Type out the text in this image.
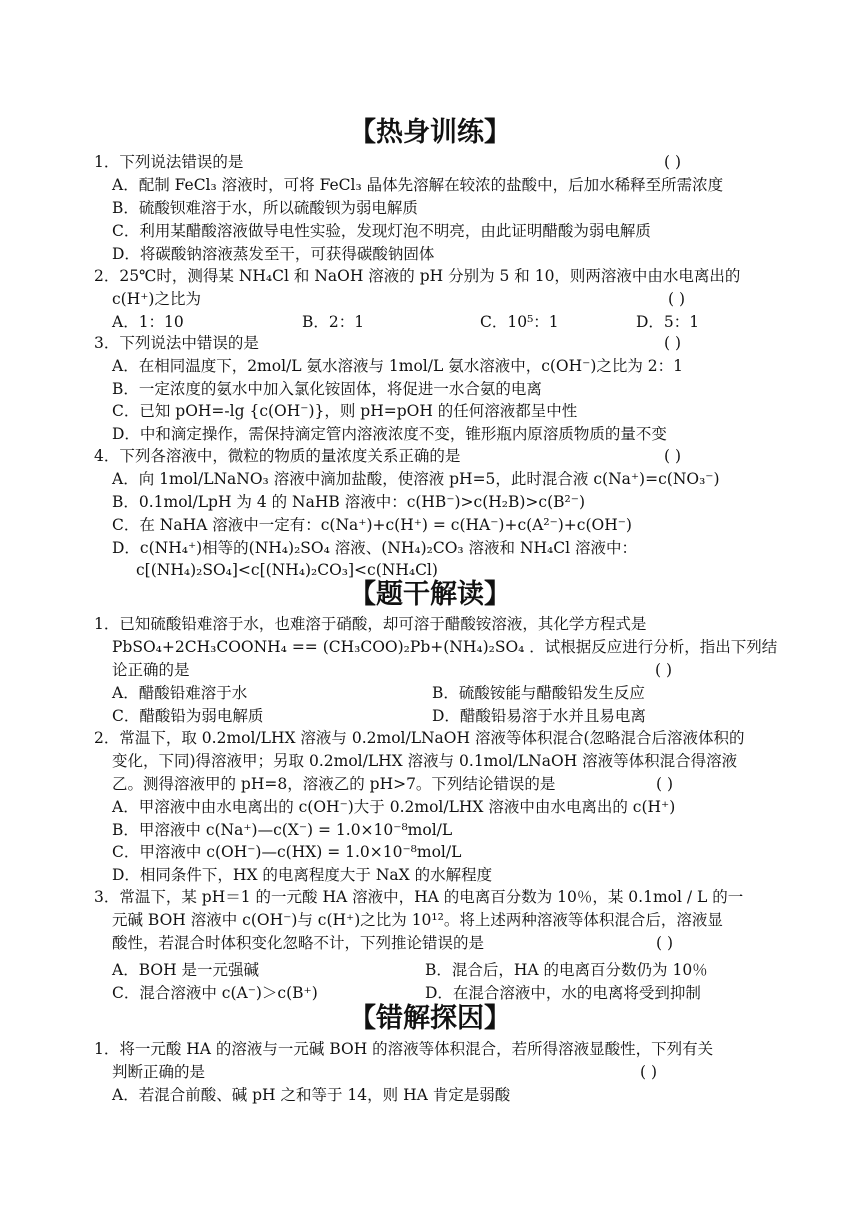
【热身训练】
1．下列说法错误的是	( )
A．配制 FeCl₃ 溶液时，可将 FeCl₃ 晶体先溶解在较浓的盐酸中，后加水稀释至所需浓度
B．硫酸钡难溶于水，所以硫酸钡为弱电解质
C．利用某醋酸溶液做导电性实验，发现灯泡不明亮，由此证明醋酸为弱电解质
D．将碳酸钠溶液蒸发至干，可获得碳酸钠固体
2．25℃时，测得某 NH₄Cl 和 NaOH 溶液的 pH 分别为 5 和 10，则两溶液中由水电离出的
c(H⁺)之比为	( )
A．1：10	B．2：1	C．10⁵：1	D．5：1
3．下列说法中错误的是	( )
A．在相同温度下，2mol/L 氨水溶液与 1mol/L 氨水溶液中，c(OH⁻)之比为 2：1
B．一定浓度的氨水中加入氯化铵固体，将促进一水合氨的电离
C．已知 pOH=-lg {c(OH⁻)}，则 pH=pOH 的任何溶液都呈中性
D．中和滴定操作，需保持滴定管内溶液浓度不变，锥形瓶内原溶质物质的量不变
4．下列各溶液中，微粒的物质的量浓度关系正确的是	( )
A．向 1mol/LNaNO₃ 溶液中滴加盐酸，使溶液 pH=5，此时混合液 c(Na⁺)=c(NO₃⁻)
B．0.1mol/LpH 为 4 的 NaHB 溶液中：c(HB⁻)>c(H₂B)>c(B²⁻)
C．在 NaHA 溶液中一定有：c(Na⁺)+c(H⁺) = c(HA⁻)+c(A²⁻)+c(OH⁻)
D．c(NH₄⁺)相等的(NH₄)₂SO₄ 溶液、(NH₄)₂CO₃ 溶液和 NH₄Cl 溶液中：
c[(NH₄)₂SO₄]<c[(NH₄)₂CO₃]<c(NH₄Cl)
【题干解读】
1．已知硫酸铅难溶于水，也难溶于硝酸，却可溶于醋酸铵溶液，其化学方程式是
PbSO₄+2CH₃COONH₄ == (CH₃COO)₂Pb+(NH₄)₂SO₄ ．试根据反应进行分析，指出下列结
论正确的是	( )
A．醋酸铅难溶于水	B．硫酸铵能与醋酸铅发生反应
C．醋酸铅为弱电解质	D．醋酸铅易溶于水并且易电离
2．常温下，取 0.2mol/LHX 溶液与 0.2mol/LNaOH 溶液等体积混合(忽略混合后溶液体积的
变化，下同)得溶液甲；另取 0.2mol/LHX 溶液与 0.1mol/LNaOH 溶液等体积混合得溶液
乙。测得溶液甲的 pH=8，溶液乙的 pH>7。下列结论错误的是	( )
A．甲溶液中由水电离出的 c(OH⁻)大于 0.2mol/LHX 溶液中由水电离出的 c(H⁺)
B．甲溶液中 c(Na⁺)—c(X⁻) = 1.0×10⁻⁸mol/L
C．甲溶液中 c(OH⁻)—c(HX) = 1.0×10⁻⁸mol/L
D．相同条件下，HX 的电离程度大于 NaX 的水解程度
3．常温下，某 pH＝1 的一元酸 HA 溶液中，HA 的电离百分数为 10％，某 0.1mol / L 的一
元碱 BOH 溶液中 c(OH⁻)与 c(H⁺)之比为 10¹²。将上述两种溶液等体积混合后，溶液显
酸性，若混合时体积变化忽略不计，下列推论错误的是	( )
A．BOH 是一元强碱	B．混合后，HA 的电离百分数仍为 10％
C．混合溶液中 c(A⁻)＞c(B⁺)	D．在混合溶液中，水的电离将受到抑制
【错解探因】
1．将一元酸 HA 的溶液与一元碱 BOH 的溶液等体积混合，若所得溶液显酸性，下列有关
判断正确的是	( )
A．若混合前酸、碱 pH 之和等于 14，则 HA 肯定是弱酸
